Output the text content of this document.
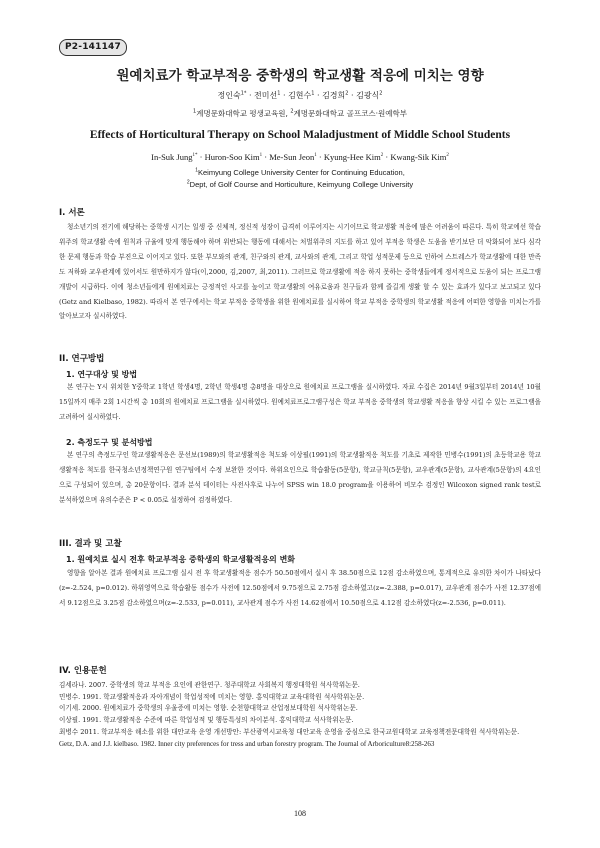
P2-141147
원예치료가 학교부적응 중학생의 학교생활 적응에 미치는 영향
정인숙$^{1*}$ · 전미선$^1$ · 김현수$^1$ · 김경희$^2$ · 김광식$^2$
$^1$계명문화대학교 평생교육원, $^2$계명문화대학교 골프코스·원예학부
Effects of Horticultural Therapy on School Maladjustment of Middle School Students
In-Suk Jung$^{1*}$ · Huron-Soo Kim$^1$ · Me-Sun Jeon$^1$ · Kyung-Hee Kim$^2$ · Kwang-Sik Kim$^2$
$^1$Keimyung College University Center for Continuing Education,
$^2$Dept, of Golf Course and Horticulture, Keimyung College University
I. 서론

청소년기의 전기에 해당하는 중학생 시기는 일생 중 신체적, 정신적 성장이 급격히 이루어지는 시기이므로 학교생활 적응에 많은 어려움이 따른다. 특히 학교에선 학습위주의 학교생활 속에 원칙과 규율에 맞게 행동해야 하며 위반되는 행동에 대해서는 처벌위주의 지도를 하고 있어 부적응 학생은 도움을 받기보단 더 악화되어 보다 심각한 문제 행동과 학습 부진으로 이어지고 있다. 또한 부모와의 관계, 친구와의 관계, 교사와의 관계, 그리고 학업 성적문제 등으로 인하여 스트레스가 학교생활에 대한 만족도 저하와 교우관계에 있어서도 원만하지가 않다(이,2000, 김,2007, 최,2011). 그러므로 학교생활에 적응 하지 못하는 중학생들에게 정서적으로 도움이 되는 프로그램 개발이 시급하다. 이에 청소년들에게 원예치료는 긍정적인 사고를 높이고 학교생활의 여유로움과 친구들과 함께 즐길게 생활 할 수 있는 효과가 있다고 보고되고 있다(Getz and Kielbaso, 1982). 따라서 본 연구에서는 학교 부적응 중학생을 위한 원예치료를 실시하여 학교 부적응 중학생의 학교생활 적응에 어떠한 영향을 미치는가를 알아보고자 실시하였다.

II. 연구방법
1. 연구대상 및 방법

본 연구는 Y시 위치한 Y중학교 1학년 학생4명, 2학년 학생4명 총8명을 대상으로 원예치료 프로그램을 실시하였다. 자료 수집은 2014년 9월3일부터 2014년 10월15일까지 매주 2회 1시간씩 총 10회의 원예치료 프로그램을 실시하였다. 원예치료프로그램구성은 학교 부적응 중학생의 학교생활 적응을 향상 시킬 수 있는 프로그램을 고려하여 실시하였다.

2. 측정도구 및 분석방법

본 연구의 측정도구인 학교생활적응은 문선보(1989)의 학교생활적응 척도와 이상필(1991)의 학교생활적응 척도를 기초로 제작한 민병수(1991)의 초등학교용 학교생활적응 척도를 한국청소년정책연구원 연구팀에서 수정 보완한 것이다. 하위요인으로 학습활동(5문항), 학교규칙(5문항), 교우관계(5문항), 교사관계(5문항)의 4요인으로 구성되어 있으며, 총 20문항이다. 결과 분석 데이터는 사전사후로 나누어 SPSS win 18.0 program을 이용하여 비모수 검정인 Wilcoxon signed rank test로 분석하였으며 유의수준은 P < 0.05로 설정하여 검정하였다.

III. 결과 및 고찰
1. 원예치료 실시 전후 학교부적응 중학생의 학교생활적응의 변화

영향을 알아본 결과 원예치료 프로그램 실시 전 후 학교생활적응 점수가 50.50점에서 실시 후 38.50점으로 12점 감소하였으며, 통계적으로 유의한 차이가 나타났다(z=-2.524, p=0.012). 하위영역으로 학습활동 점수가 사전에 12.50점에서 9.75점으로 2.75점 감소하였고(z=-2.388, p=0.017), 교우관계 점수가 사전 12.37점에서 9.12점으로 3.25점 감소하였으며(z=-2.533, p=0.011), 교사관계 점수가 사전 14.62점에서 10.50점으로 4.12점 감소하였다(z=-2.536, p=0.011).

IV. 인용문헌
김세라나. 2007. 중학생의 학교 부적응 요인에 관한연구. 청주대학교 사회복지 행정대학원 석사학위논문.
민병수. 1991. 학교생활적응과 자아개념이 학업성적에 미치는 영향. 홍익대학교 교육대학원 석사학위논문.
이기세. 2000. 원예치료가 중학생의 우울증에 미치는 영향. 순천향대학교 산업정보대학원 석사학위논문.
이상필. 1991. 학교생활적응 수준에 따른 학업성적 및 행동특성의 차이분석. 홍익대학교 석사학위논문.
최병수 2011. 학교부적응 해소를 위한 대안교육 운영 개선방안: 부산광역시교육청 대안교육 운영을 중심으로 한국교원대학교 교육정책전문대학원 석사학위논문.
Getz, D.A. and J.J. kielbaso. 1982. Inner city preferences for tress and urban forestry program. The Journal of Arboriculture8:258-263
108
